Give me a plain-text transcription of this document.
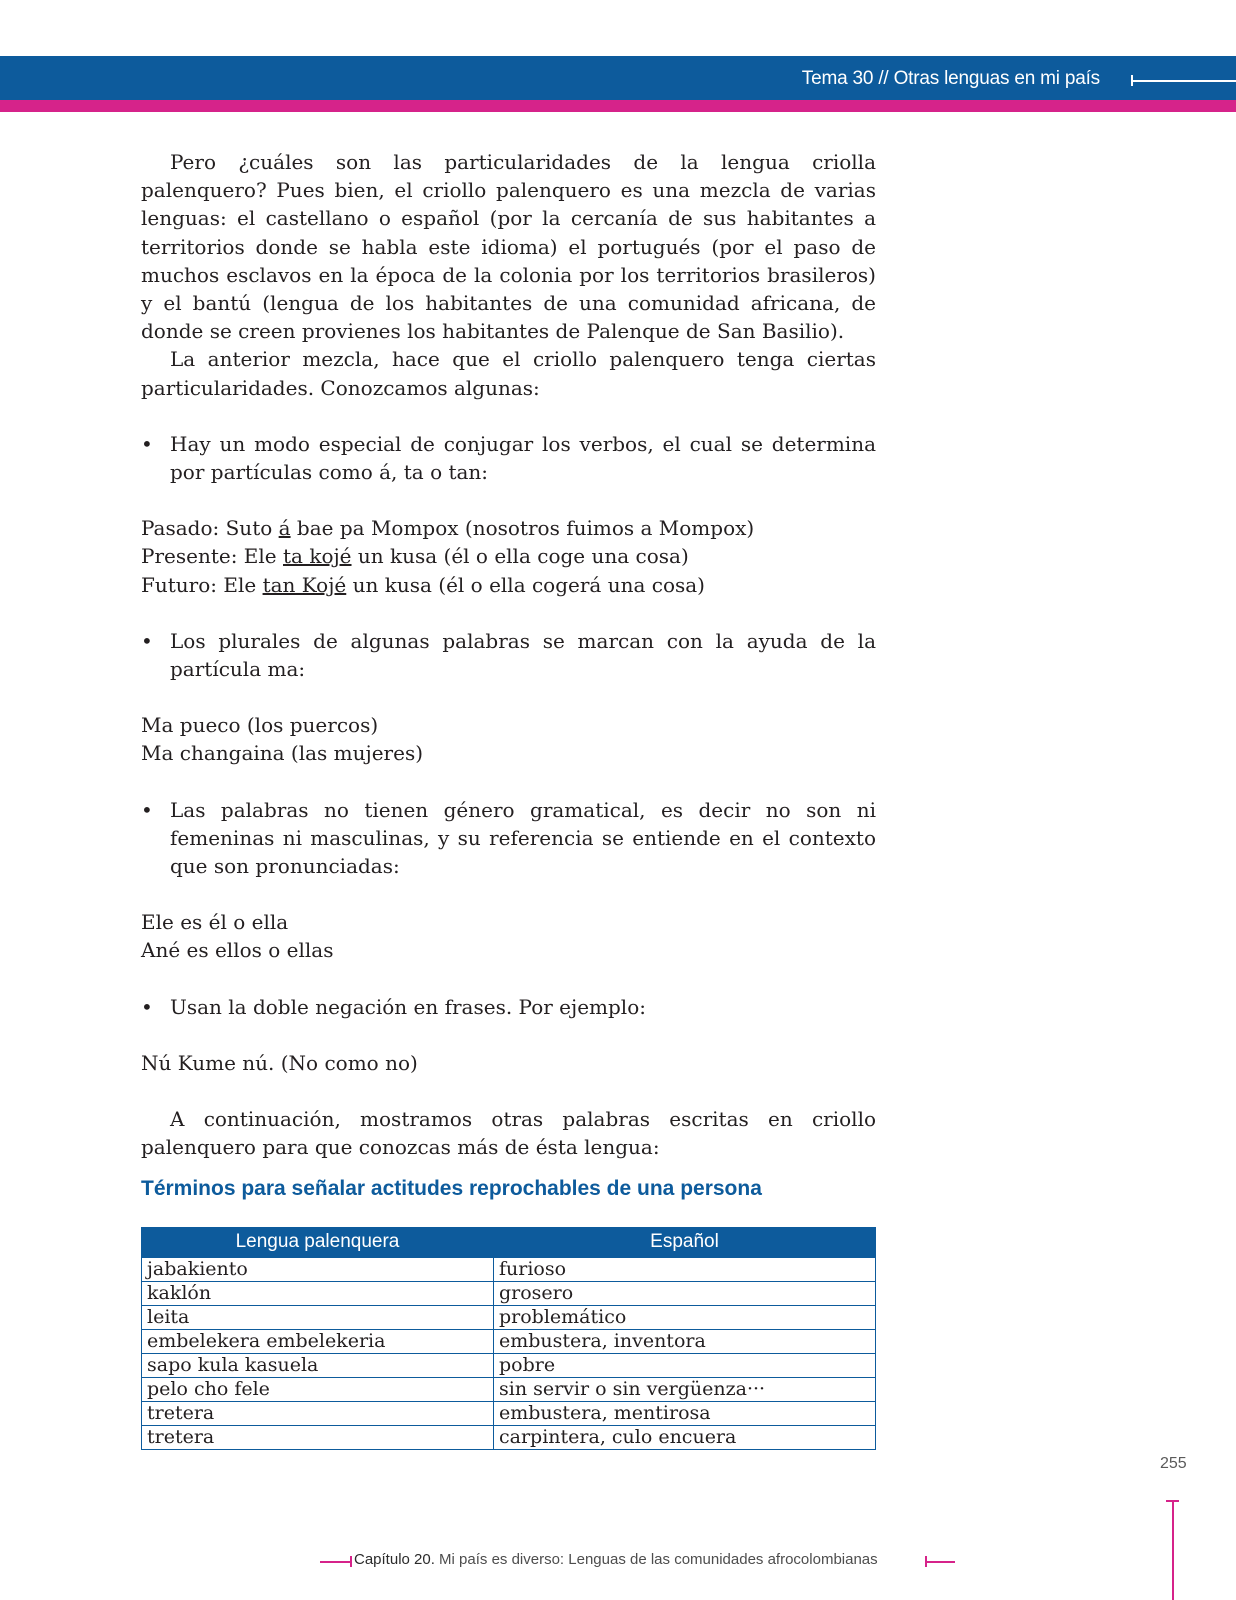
Tema 30 // Otras lenguas en mi país

Pero ¿cuáles son las particularidades de la lengua criolla palenquero? Pues bien, el criollo palenquero es una mezcla de varias lenguas: el castellano o español (por la cercanía de sus habitantes a territorios donde se habla este idioma) el portugués (por el paso de muchos esclavos en la época de la colonia por los territorios brasileros) y el bantú (lengua de los habitantes de una comunidad africana, de donde se creen provienes los habitantes de Palenque de San Basilio).

La anterior mezcla, hace que el criollo palenquero tenga ciertas particularidades. Conozcamos algunas:

• Hay un modo especial de conjugar los verbos, el cual se determina por partículas como á, ta o tan:

Pasado: Suto á bae pa Mompox (nosotros fuimos a Mompox)

Presente: Ele ta kojé un kusa (él o ella coge una cosa)

Futuro: Ele tan Kojé un kusa (él o ella cogerá una cosa)

• Los plurales de algunas palabras se marcan con la ayuda de la partícula ma:

Ma pueco (los puercos)

Ma changaina (las mujeres)

• Las palabras no tienen género gramatical, es decir no son ni femeninas ni masculinas, y su referencia se entiende en el contexto que son pronunciadas:

Ele es él o ella

Ané es ellos o ellas

• Usan la doble negación en frases. Por ejemplo:

Nú Kume nú. (No como no)

A continuación, mostramos otras palabras escritas en criollo palenquero para que conozcas más de ésta lengua:

Términos para señalar actitudes reprochables de una persona
Lengua palenquera	Español
jabakiento	furioso
kaklón	grosero
leita	problemático
embelekera embelekeria	embustera, inventora
sapo kula kasuela	pobre
pelo cho fele	sin servir o sin vergüenza···
tretera	embustera, mentirosa
tretera	carpintera, culo encuera
255
Capítulo 20. Mi país es diverso: Lenguas de las comunidades afrocolombianas
